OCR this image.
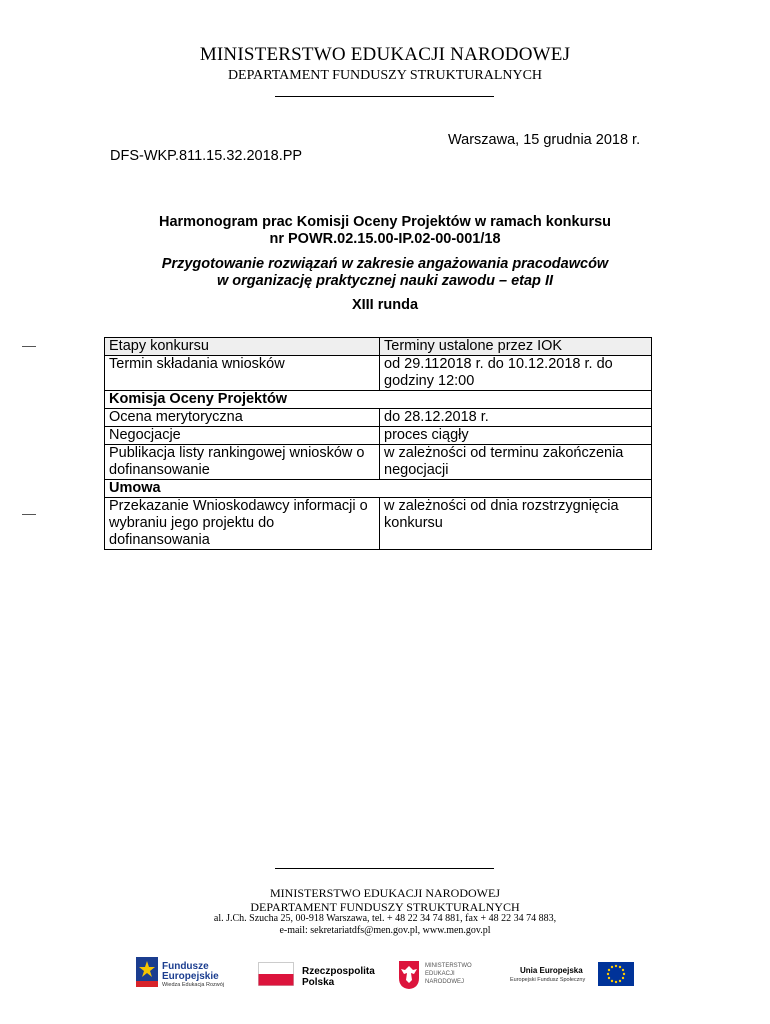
MINISTERSTWO EDUKACJI NARODOWEJ
DEPARTAMENT FUNDUSZY STRUKTURALNYCH
Warszawa, 15 grudnia 2018 r.
DFS-WKP.811.15.32.2018.PP
Harmonogram prac Komisji Oceny Projektów w ramach konkursu
nr POWR.02.15.00-IP.02-00-001/18
Przygotowanie rozwiązań w zakresie angażowania pracodawców
w organizację praktycznej nauki zawodu – etap II
XIII runda
Etapy konkursu	Terminy ustalone przez IOK
Termin składania wniosków	od 29.112018 r. do 10.12.2018 r. do godziny 12:00
Komisja Oceny Projektów	
Ocena merytoryczna	do 28.12.2018 r.
Negocjacje	proces ciągły
Publikacja listy rankingowej wniosków o dofinansowanie	w zależności od terminu zakończenia negocjacji
Umowa	
Przekazanie Wnioskodawcy informacji o wybraniu jego projektu do dofinansowania	w zależności od dnia rozstrzygnięcia konkursu
MINISTERSTWO EDUKACJI NARODOWEJ
DEPARTAMENT FUNDUSZY STRUKTURALNYCH
al. J.Ch. Szucha 25, 00-918 Warszawa, tel. + 48 22 34 74 881, fax + 48 22 34 74 883,
e-mail: sekretariatdfs@men.gov.pl, www.men.gov.pl
Fundusze
Europejskie
Wiedza Edukacja Rozwój
Rzeczpospolita
Polska
MINISTERSTWO
EDUKACJI
NARODOWEJ
Unia Europejska
Europejski Fundusz Społeczny
